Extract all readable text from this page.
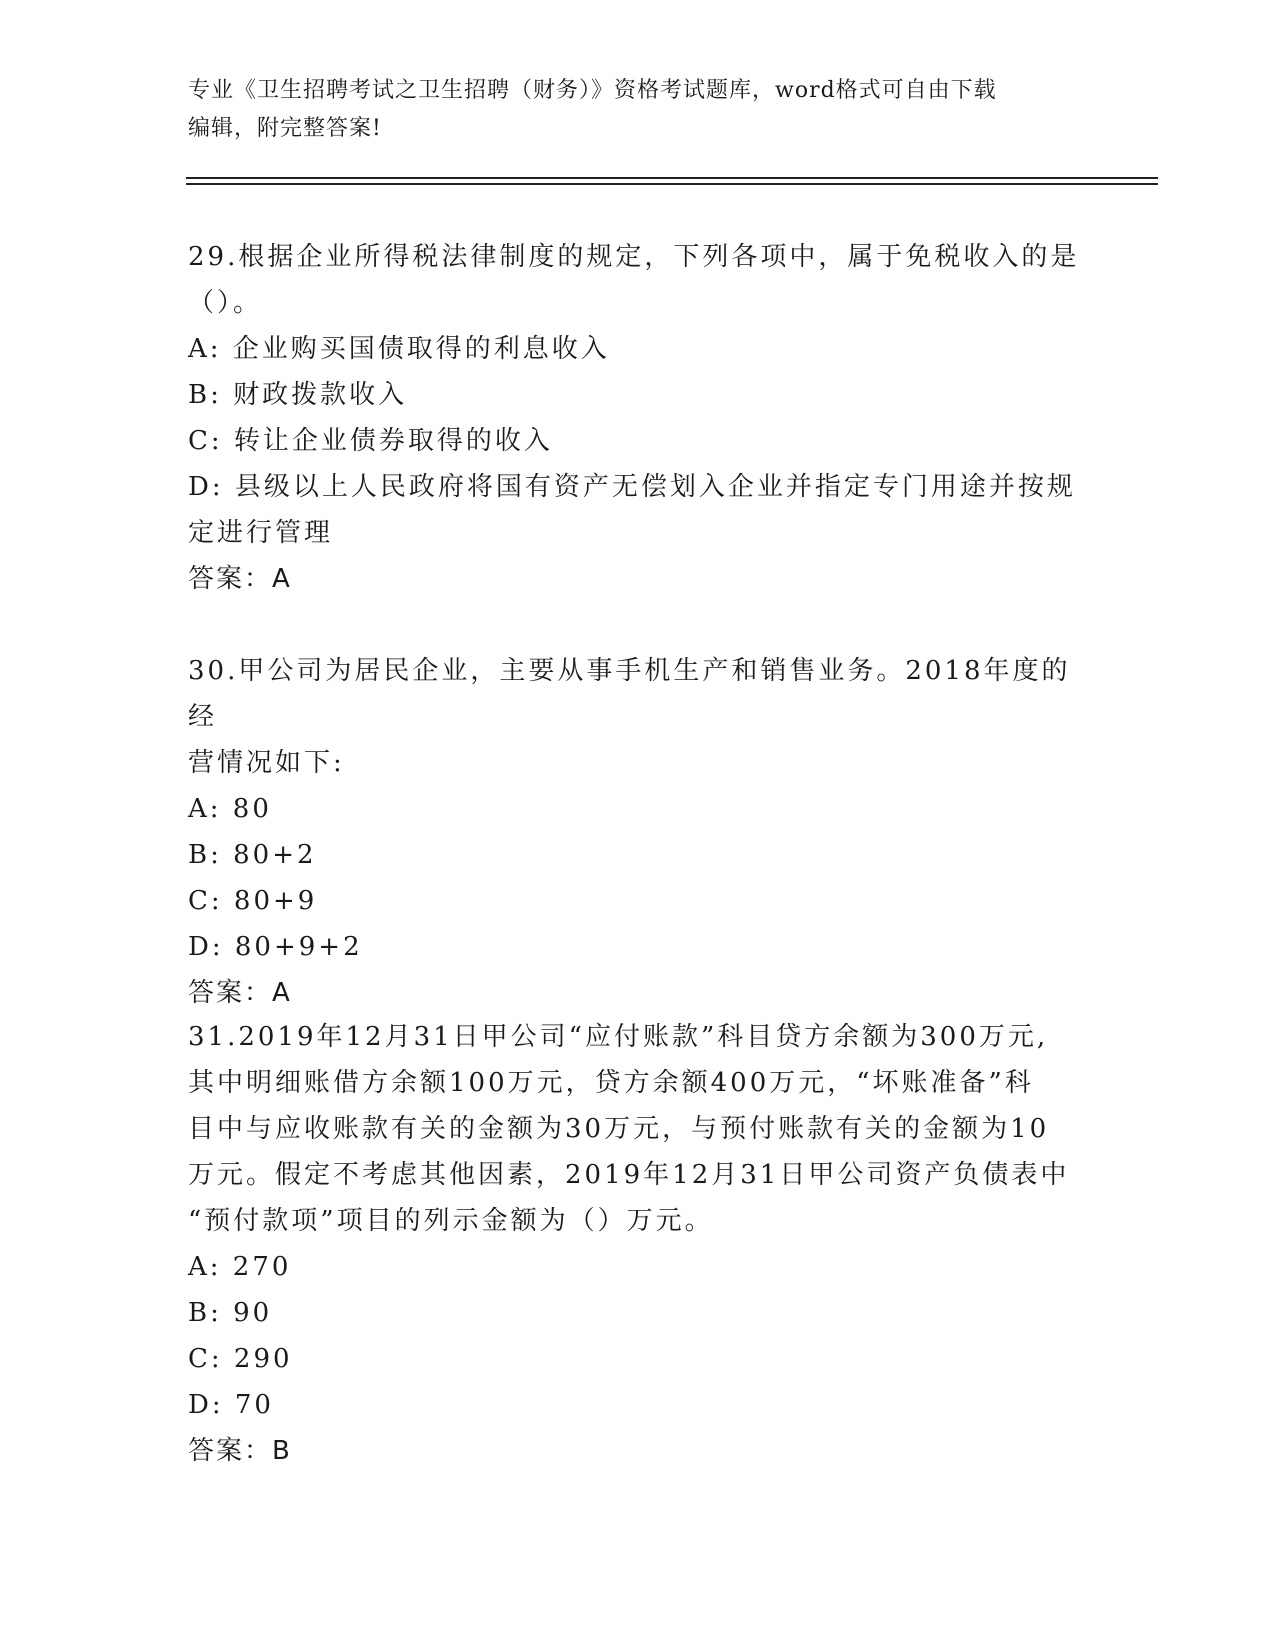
专业《卫生招聘考试之卫生招聘（财务）》资格考试题库，word格式可自由下载
编辑，附完整答案!

29.根据企业所得税法律制度的规定，下列各项中，属于免税收入的是

（）。

A: 企业购买国债取得的利息收入

B: 财政拨款收入

C: 转让企业债券取得的收入

D: 县级以上人民政府将国有资产无偿划入企业并指定专门用途并按规

定进行管理

答案：A

30.甲公司为居民企业，主要从事手机生产和销售业务。2018年度的经

营情况如下:

A: 80

B: 80+2

C: 80+9

D: 80+9+2

答案：A

31.2019年12月31日甲公司“应付账款”科目贷方余额为300万元,

其中明细账借方余额100万元，贷方余额400万元，“坏账准备”科

目中与应收账款有关的金额为30万元，与预付账款有关的金额为10

万元。假定不考虑其他因素，2019年12月31日甲公司资产负债表中

“预付款项”项目的列示金额为（）万元。

A: 270

B: 90

C: 290

D: 70

答案：B
